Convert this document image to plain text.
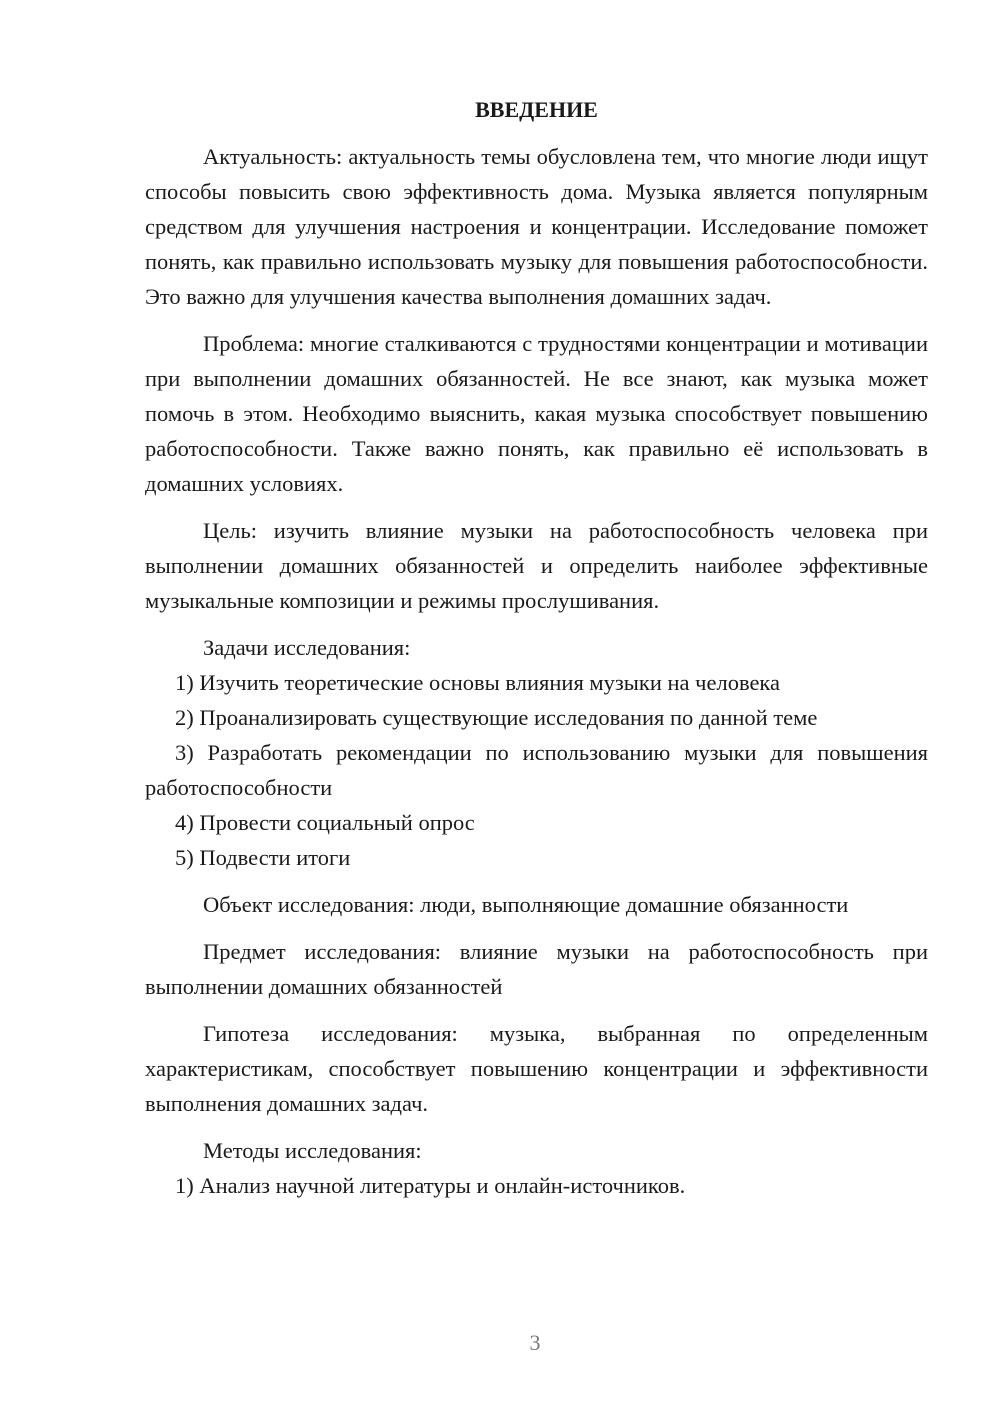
ВВЕДЕНИЕ

Актуальность: актуальность темы обусловлена тем, что многие люди ищут способы повысить свою эффективность дома. Музыка является популярным средством для улучшения настроения и концентрации. Исследование поможет понять, как правильно использовать музыку для повышения работоспособности. Это важно для улучшения качества выполнения домашних задач.

Проблема: многие сталкиваются с трудностями концентрации и мотивации при выполнении домашних обязанностей. Не все знают, как музыка может помочь в этом. Необходимо выяснить, какая музыка способствует повышению работоспособности. Также важно понять, как правильно её использовать в домашних условиях.

Цель: изучить влияние музыки на работоспособность человека при выполнении домашних обязанностей и определить наиболее эффективные музыкальные композиции и режимы прослушивания.

Задачи исследования:

1) Изучить теоретические основы влияния музыки на человека

2) Проанализировать существующие исследования по данной теме

3) Разработать рекомендации по использованию музыки для повышения работоспособности

4) Провести социальный опрос

5) Подвести итоги

Объект исследования: люди, выполняющие домашние обязанности

Предмет исследования: влияние музыки на работоспособность при выполнении домашних обязанностей

Гипотеза исследования: музыка, выбранная по определенным характеристикам, способствует повышению концентрации и эффективности выполнения домашних задач.

Методы исследования:

1) Анализ научной литературы и онлайн-источников.

3
